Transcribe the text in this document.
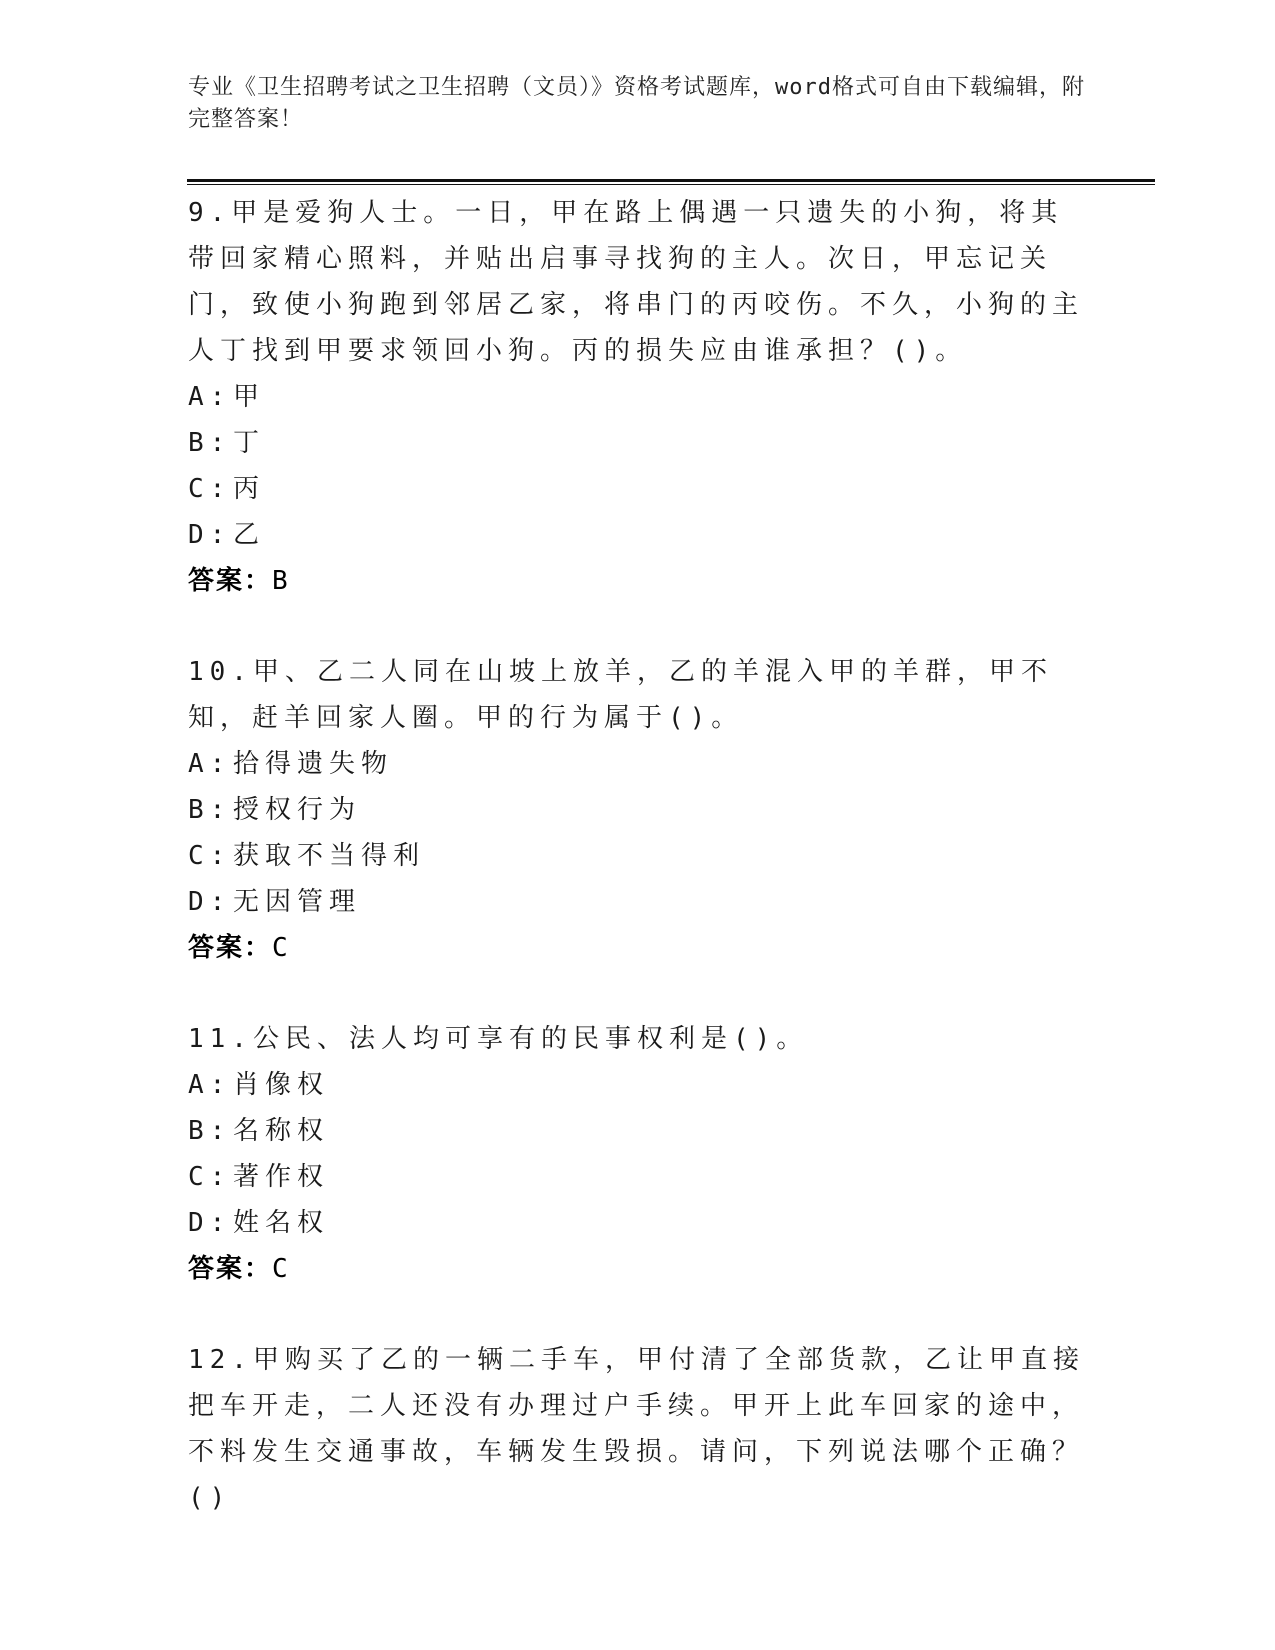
专业《卫生招聘考试之卫生招聘（文员）》资格考试题库，word格式可自由下载编辑，附完整答案！
9.甲是爱狗人士。一日，甲在路上偶遇一只遗失的小狗，将其带回家精心照料，并贴出启事寻找狗的主人。次日，甲忘记关门，致使小狗跑到邻居乙家，将串门的丙咬伤。不久，小狗的主人丁找到甲要求领回小狗。丙的损失应由谁承担？()。
A: 甲
B: 丁
C: 丙
D: 乙
答案：B
10.甲、乙二人同在山坡上放羊，乙的羊混入甲的羊群，甲不知，赶羊回家人圈。甲的行为属于()。
A: 拾得遗失物
B: 授权行为
C: 获取不当得利
D: 无因管理
答案：C
11.公民、法人均可享有的民事权利是()。
A: 肖像权
B: 名称权
C: 著作权
D: 姓名权
答案：C
12.甲购买了乙的一辆二手车，甲付清了全部货款，乙让甲直接把车开走，二人还没有办理过户手续。甲开上此车回家的途中，不料发生交通事故，车辆发生毁损。请问，下列说法哪个正确？()
